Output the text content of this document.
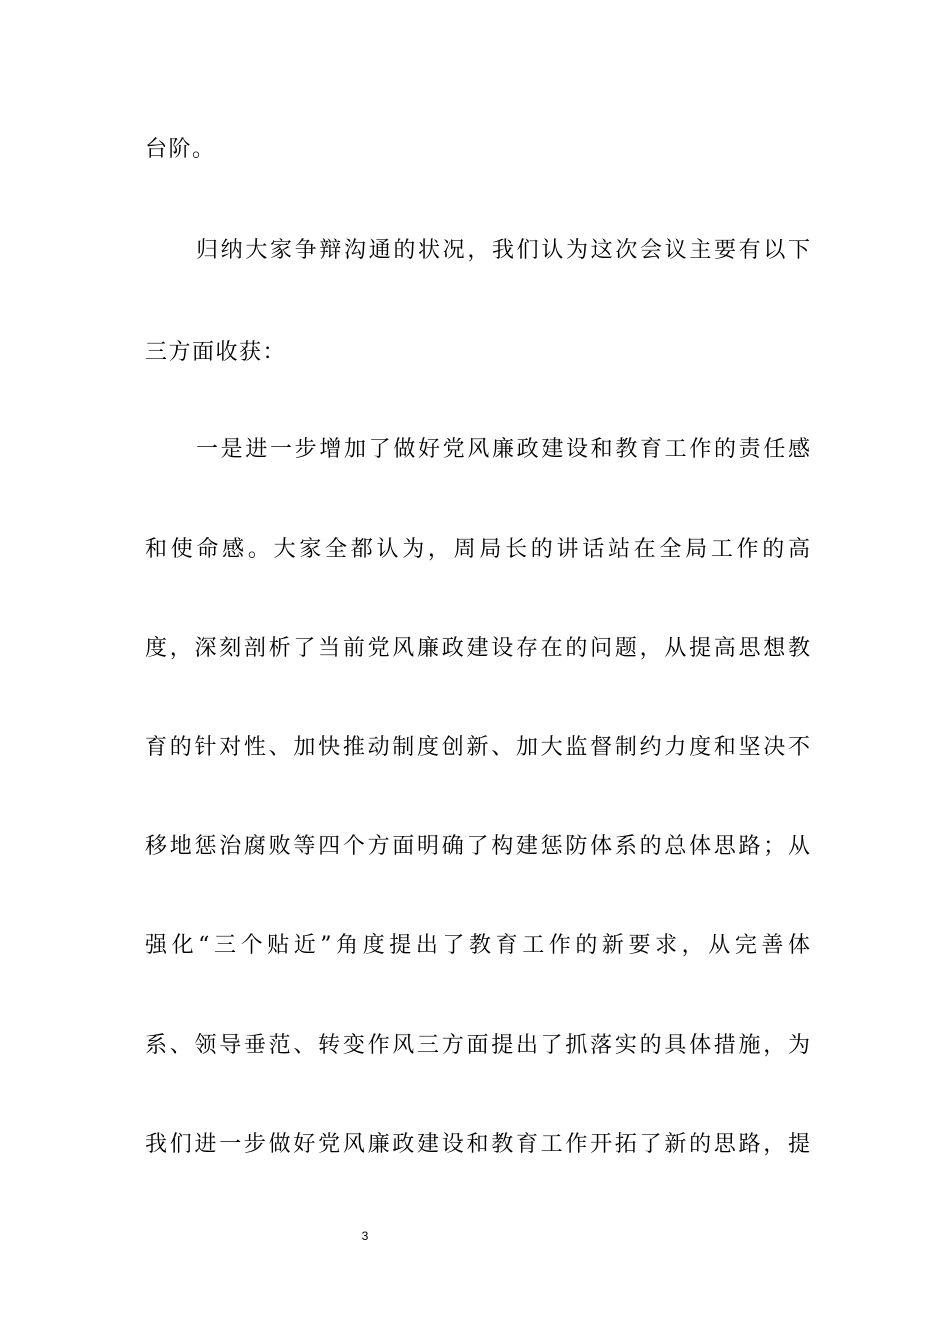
台阶。
归纳大家争辩沟通的状况，我们认为这次会议主要有以下
三方面收获：
一是进一步增加了做好党风廉政建设和教育工作的责任感
和使命感。大家全都认为，周局长的讲话站在全局工作的高
度，深刻剖析了当前党风廉政建设存在的问题，从提高思想教
育的针对性、加快推动制度创新、加大监督制约力度和坚决不
移地惩治腐败等四个方面明确了构建惩防体系的总体思路；从
强化“三个贴近”角度提出了教育工作的新要求，从完善体
系、领导垂范、转变作风三方面提出了抓落实的具体措施，为
我们进一步做好党风廉政建设和教育工作开拓了新的思路，提
3
